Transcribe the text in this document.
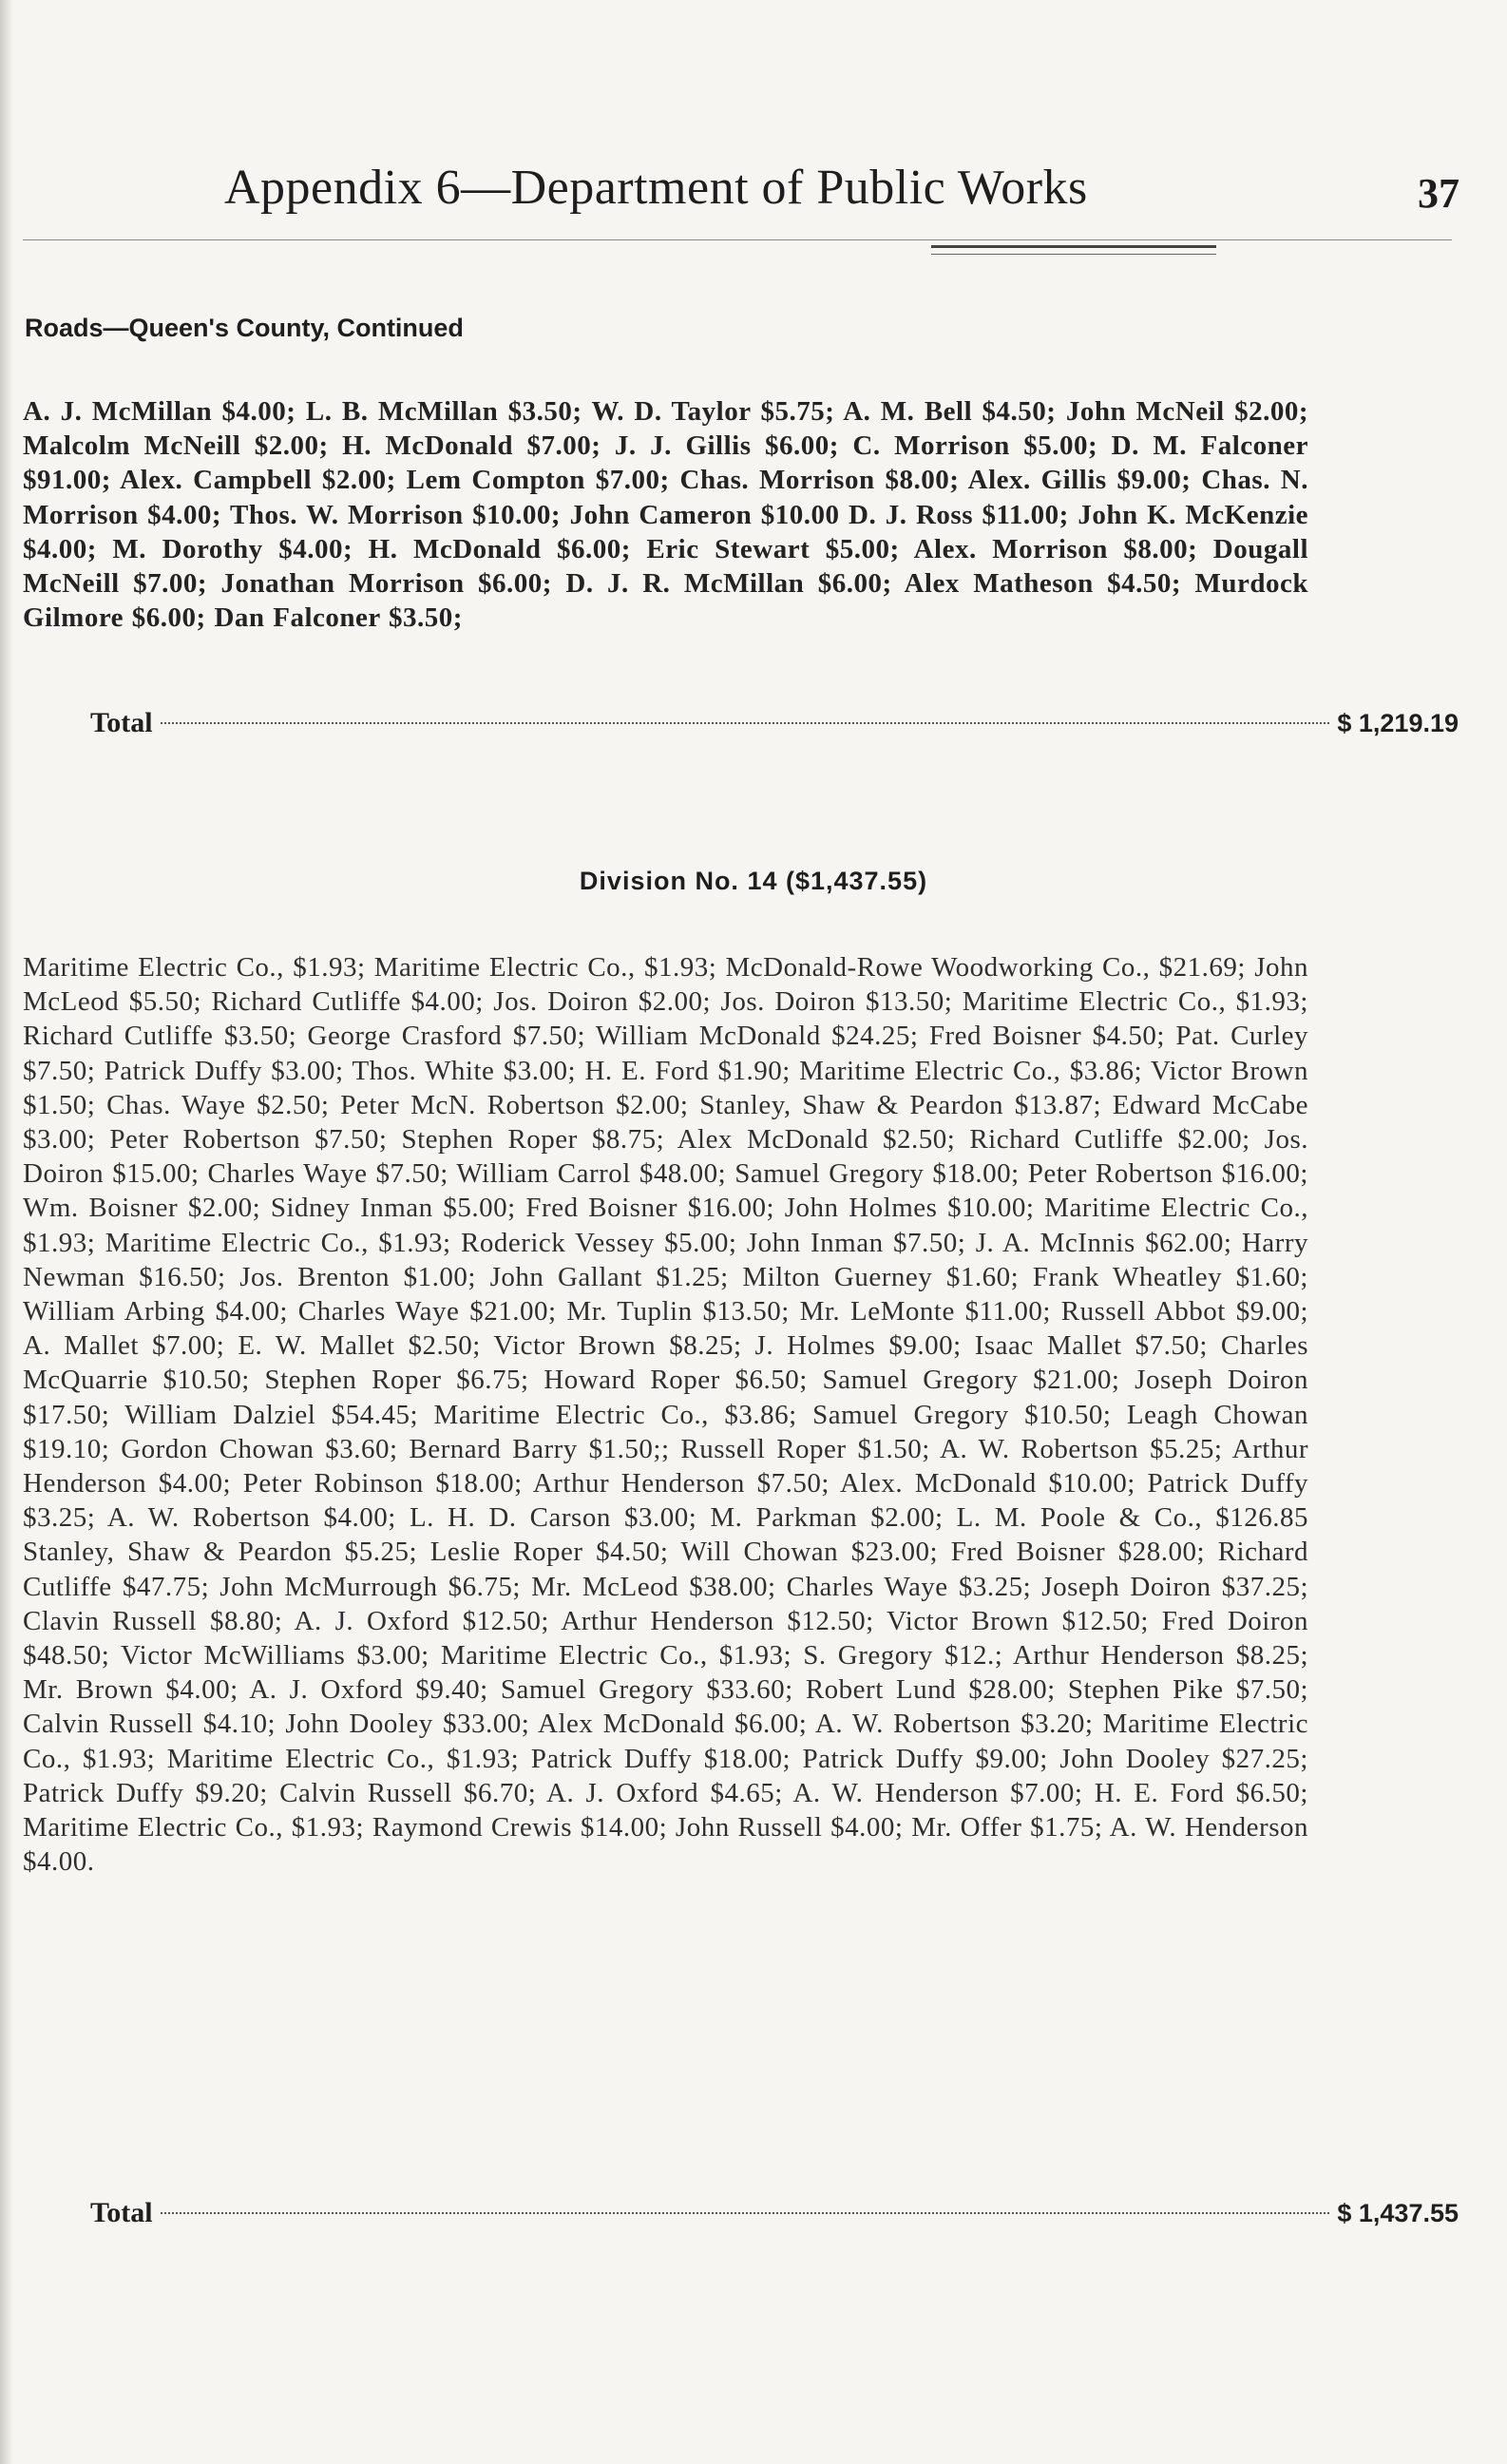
Appendix 6—Department of Public Works	37
Roads—Queen's County, Continued
A. J. McMillan $4.00; L. B. McMillan $3.50; W. D. Taylor $5.75; A. M. Bell $4.50; John McNeil $2.00; Malcolm McNeill $2.00; H. McDonald $7.00; J. J. Gillis $6.00; C. Morrison $5.00; D. M. Falconer $91.00; Alex. Campbell $2.00; Lem Compton $7.00; Chas. Morrison $8.00; Alex. Gillis $9.00; Chas. N. Morrison $4.00; Thos. W. Morrison $10.00; John Cameron $10.00 D. J. Ross $11.00; John K. McKenzie $4.00; M. Dorothy $4.00; H. McDonald $6.00; Eric Stewart $5.00; Alex. Morrison $8.00; Dougall McNeill $7.00; Jonathan Morrison $6.00; D. J. R. McMillan $6.00; Alex Matheson $4.50; Murdock Gilmore $6.00; Dan Falconer $3.50;
Total	$ 1,219.19
Division No. 14 ($1,437.55)
Maritime Electric Co., $1.93; Maritime Electric Co., $1.93; McDonald-Rowe Woodworking Co., $21.69; John McLeod $5.50; Richard Cutliffe $4.00; Jos. Doiron $2.00; Jos. Doiron $13.50; Maritime Electric Co., $1.93; Richard Cutliffe $3.50; George Crasford $7.50; William McDonald $24.25; Fred Boisner $4.50; Pat. Curley $7.50; Patrick Duffy $3.00; Thos. White $3.00; H. E. Ford $1.90; Maritime Electric Co., $3.86; Victor Brown $1.50; Chas. Waye $2.50; Peter McN. Robertson $2.00; Stanley, Shaw & Peardon $13.87; Edward McCabe $3.00; Peter Robertson $7.50; Stephen Roper $8.75; Alex McDonald $2.50; Richard Cutliffe $2.00; Jos. Doiron $15.00; Charles Waye $7.50; William Carrol $48.00; Samuel Gregory $18.00; Peter Robertson $16.00; Wm. Boisner $2.00; Sidney Inman $5.00; Fred Boisner $16.00; John Holmes $10.00; Maritime Electric Co., $1.93; Maritime Electric Co., $1.93; Roderick Vessey $5.00; John Inman $7.50; J. A. McInnis $62.00; Harry Newman $16.50; Jos. Brenton $1.00; John Gallant $1.25; Milton Guerney $1.60; Frank Wheatley $1.60; William Arbing $4.00; Charles Waye $21.00; Mr. Tuplin $13.50; Mr. LeMonte $11.00; Russell Abbot $9.00; A. Mallet $7.00; E. W. Mallet $2.50; Victor Brown $8.25; J. Holmes $9.00; Isaac Mallet $7.50; Charles McQuarrie $10.50; Stephen Roper $6.75; Howard Roper $6.50; Samuel Gregory $21.00; Joseph Doiron $17.50; William Dalziel $54.45; Maritime Electric Co., $3.86; Samuel Gregory $10.50; Leagh Chowan $19.10; Gordon Chowan $3.60; Bernard Barry $1.50;; Russell Roper $1.50; A. W. Robertson $5.25; Arthur Henderson $4.00; Peter Robinson $18.00; Arthur Henderson $7.50; Alex. McDonald $10.00; Patrick Duffy $3.25; A. W. Robertson $4.00; L. H. D. Carson $3.00; M. Parkman $2.00; L. M. Poole & Co., $126.85 Stanley, Shaw & Peardon $5.25; Leslie Roper $4.50; Will Chowan $23.00; Fred Boisner $28.00; Richard Cutliffe $47.75; John McMurrough $6.75; Mr. McLeod $38.00; Charles Waye $3.25; Joseph Doiron $37.25; Clavin Russell $8.80; A. J. Oxford $12.50; Arthur Henderson $12.50; Victor Brown $12.50; Fred Doiron $48.50; Victor McWilliams $3.00; Maritime Electric Co., $1.93; S. Gregory $12.; Arthur Henderson $8.25; Mr. Brown $4.00; A. J. Oxford $9.40; Samuel Gregory $33.60; Robert Lund $28.00; Stephen Pike $7.50; Calvin Russell $4.10; John Dooley $33.00; Alex McDonald $6.00; A. W. Robertson $3.20; Maritime Electric Co., $1.93; Maritime Electric Co., $1.93; Patrick Duffy $18.00; Patrick Duffy $9.00; John Dooley $27.25; Patrick Duffy $9.20; Calvin Russell $6.70; A. J. Oxford $4.65; A. W. Henderson $7.00; H. E. Ford $6.50; Maritime Electric Co., $1.93; Raymond Crewis $14.00; John Russell $4.00; Mr. Offer $1.75; A. W. Henderson $4.00.
Total	$ 1,437.55
